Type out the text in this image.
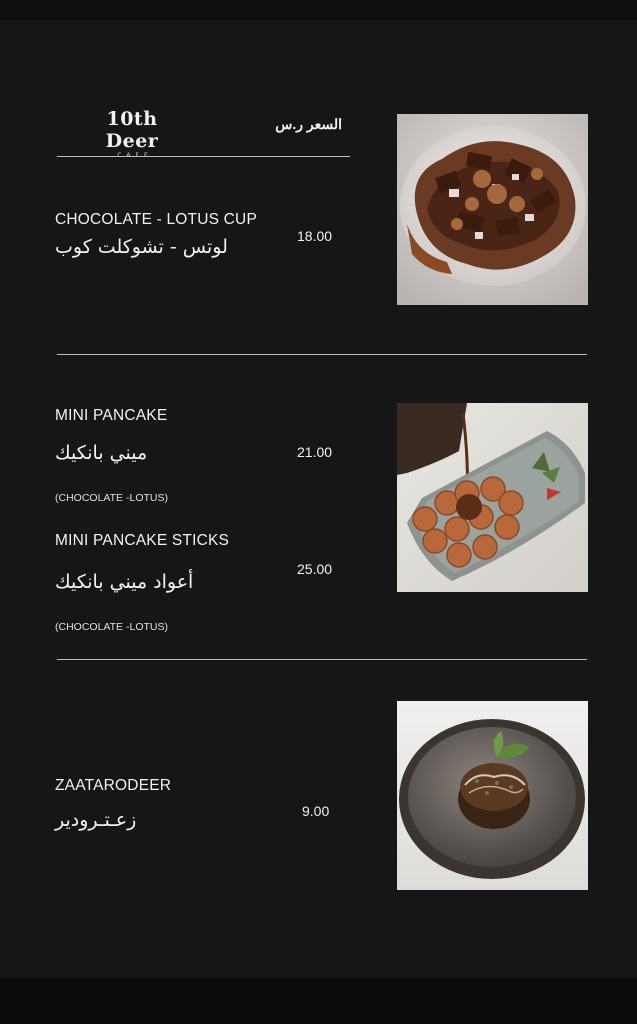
10th Deer
السعر ر.س
CHOCOLATE - LOTUS CUP
لوتس - تشوكلت كوب	18.00
MINI PANCAKE
ميني بانكيك
(CHOCOLATE -LOTUS)
21.00
MINI PANCAKE STICKS
أعواد ميني بانكيك
(CHOCOLATE -LOTUS)
25.00
ZAATARODEER
زعـتـرودير	9.00
